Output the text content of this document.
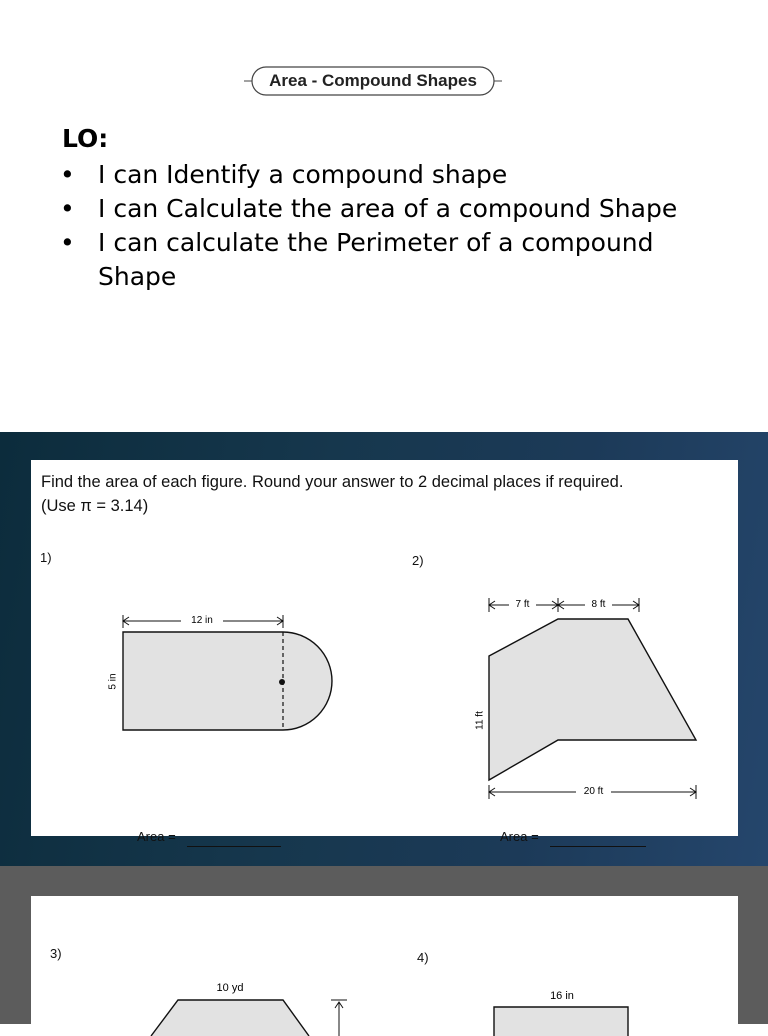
Area - Compound Shapes
LO:
• I can Identify a compound shape
• I can Calculate the area of a compound Shape
• I can calculate the Perimeter of a compound Shape
Find the area of each figure. Round your answer to 2 decimal places if required.
(Use π = 3.14)
1)
12 in
5 in
Area =
2)
7 ft	8 ft
11 ft
20 ft
Area =
3)	4)
10 yd
16 in
